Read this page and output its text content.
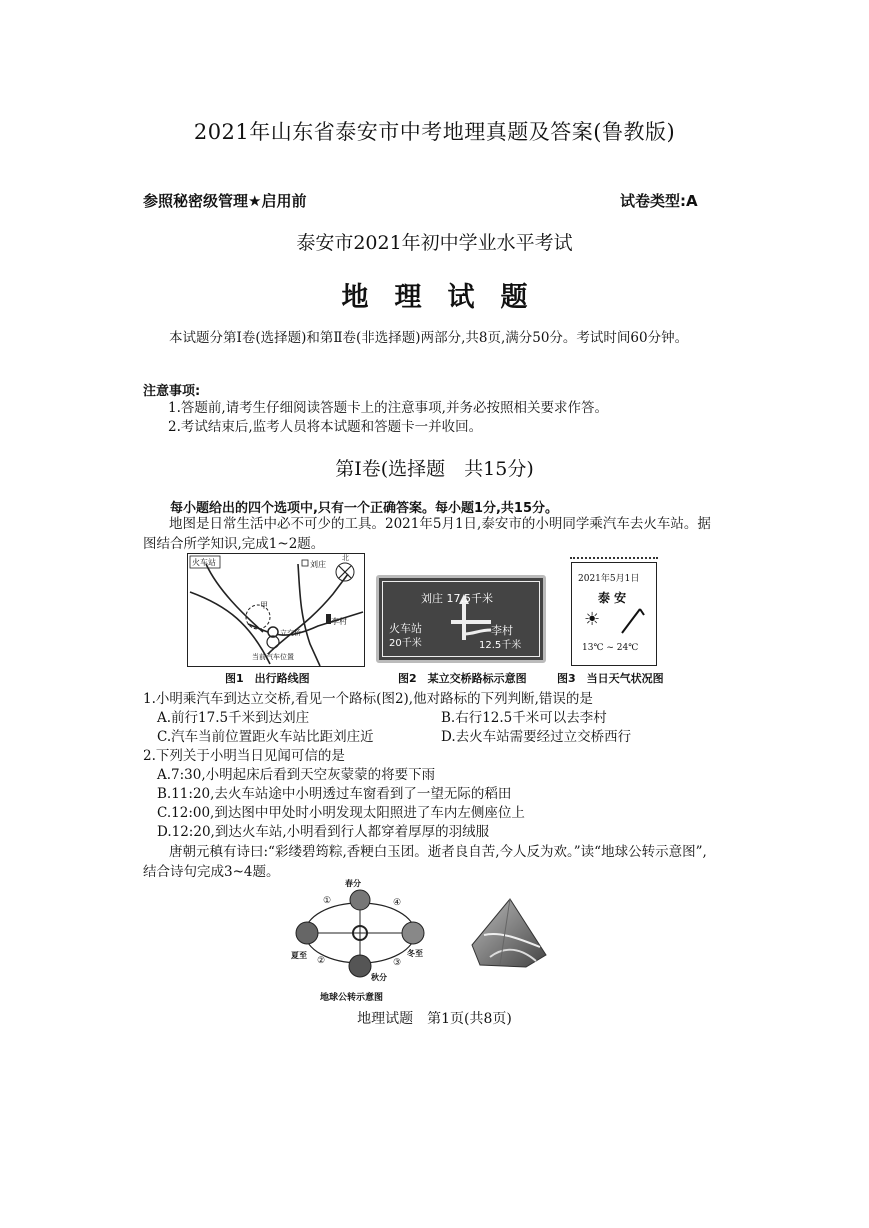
2021年山东省泰安市中考地理真题及答案(鲁教版)
参照秘密级管理★启用前	试卷类型:A
泰安市2021年初中学业水平考试
地理试题
本试题分第Ⅰ卷(选择题)和第Ⅱ卷(非选择题)两部分,共8页,满分50分。考试时间60分钟。
注意事项:
1.答题前,请考生仔细阅读答题卡上的注意事项,并务必按照相关要求作答。
2.考试结束后,监考人员将本试题和答题卡一并收回。
第Ⅰ卷(选择题　共15分)
每小题给出的四个选项中,只有一个正确答案。每小题1分,共15分。
地图是日常生活中必不可少的工具。2021年5月1日,泰安市的小明同学乘汽车去火车站。据图结合所学知识,完成1~2题。
火车站	刘庄
北
甲
立交桥
李村
当前汽车位置
图1　出行路线图
刘庄 17.5千米
火车站
20千米
李村
12.5千米
图2　某立交桥路标示意图
2021年5月1日
泰 安
☀
13℃ ~ 24℃
图3　当日天气状况图
1.小明乘汽车到达立交桥,看见一个路标(图2),他对路标的下列判断,错误的是
A.前行17.5千米到达刘庄	B.右行12.5千米可以去李村
C.汽车当前位置距火车站比距刘庄近	D.去火车站需要经过立交桥西行
2.下列关于小明当日见闻可信的是
A.7:30,小明起床后看到天空灰蒙蒙的将要下雨
B.11:20,去火车站途中小明透过车窗看到了一望无际的稻田
C.12:00,到达图中甲处时小明发现太阳照进了车内左侧座位上
D.12:20,到达火车站,小明看到行人都穿着厚厚的羽绒服
唐朝元稹有诗曰:“彩缕碧筠粽,香粳白玉团。逝者良自苦,今人反为欢。”读“地球公转示意图”,结合诗句完成3~4题。
春分
夏至
秋分
冬至
①
②	③
④
地球公转示意图
地理试题　第1页(共8页)
